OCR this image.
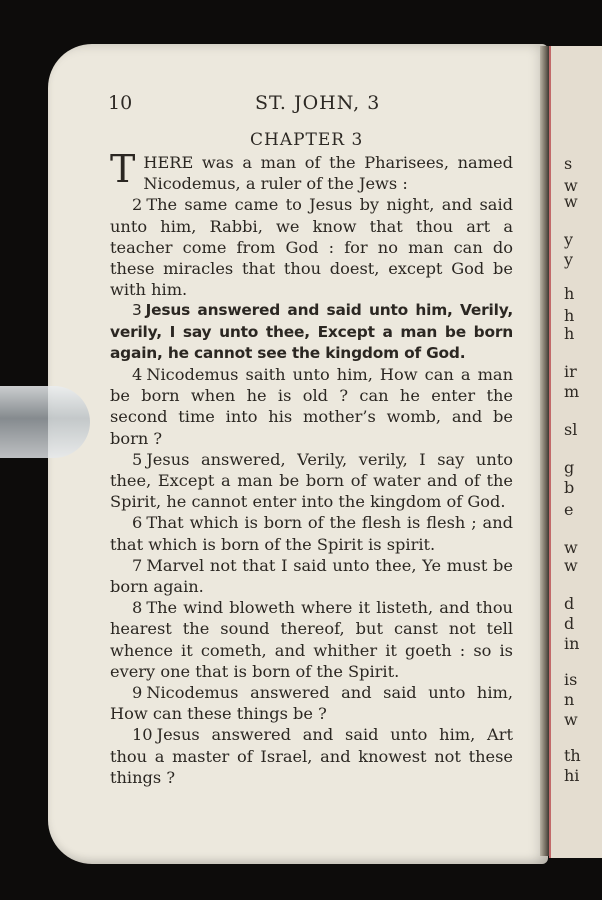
s
w
w
y
y
h
h
h
ir
m
sl
g
b
e
w
w
d
d
in
is
n
w
th
hi
10	ST. JOHN, 3
CHAPTER 3

THERE was a man of the Pharisees, named Nicodemus, a ruler of the Jews :

2 The same came to Jesus by night, and said unto him, Rabbi, we know that thou art a teacher come from God : for no man can do these miracles that thou doest, except God be with him.

3 Jesus answered and said unto him, Verily, verily, I say unto thee, Except a man be born again, he cannot see the kingdom of God.

4 Nicodemus saith unto him, How can a man be born when he is old ? can he enter the second time into his mother’s womb, and be born ?

5 Jesus answered, Verily, verily, I say unto thee, Except a man be born of water and of the Spirit, he cannot enter into the kingdom of God.

6 That which is born of the flesh is flesh ; and that which is born of the Spirit is spirit.

7 Marvel not that I said unto thee, Ye must be born again.

8 The wind bloweth where it listeth, and thou hearest the sound thereof, but canst not tell whence it cometh, and whither it goeth : so is every one that is born of the Spirit.

9 Nicodemus answered and said unto him, How can these things be ?

10 Jesus answered and said unto him, Art thou a master of Israel, and knowest not these things ?
